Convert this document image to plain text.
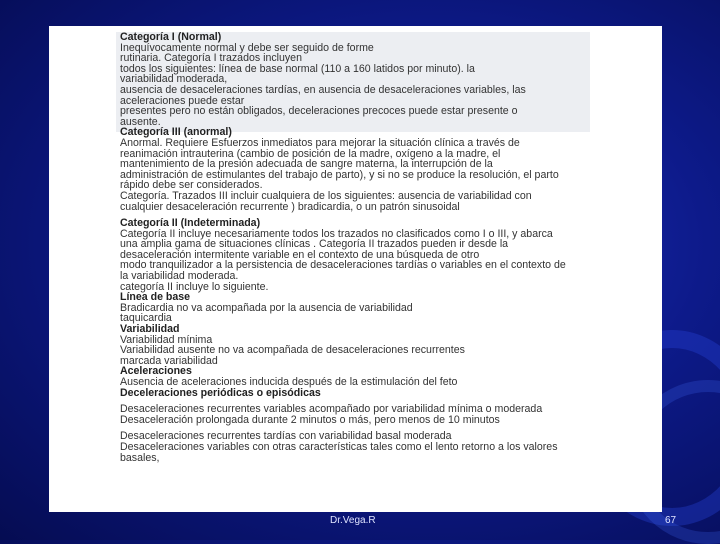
Categoría I (Normal)
Inequívocamente normal y debe ser seguido de forme
rutinaria. Categoría I trazados incluyen
todos los siguientes: línea de base normal (110 a 160 latidos por minuto). la
variabilidad moderada,
ausencia de desaceleraciones tardías, en ausencia de desaceleraciones variables, las
aceleraciones puede estar
presentes pero no están obligados, deceleraciones precoces puede estar presente o
ausente.
Categoría III (anormal)
Anormal. Requiere Esfuerzos inmediatos para mejorar la situación clínica a través de
reanimación intrauterina (cambio de posición de la madre, oxígeno a la madre, el
mantenimiento de la presión adecuada de sangre materna, la interrupción de la
administración de estimulantes del trabajo de parto), y si no se produce la resolución, el parto
rápido debe ser considerados.
Categoría. Trazados III incluir cualquiera de los siguientes: ausencia de variabilidad con
cualquier desaceleración recurrente ) bradicardia, o un patrón sinusoidal
Categoría II (Indeterminada)
Categoría II incluye necesariamente todos los trazados no clasificados como I o III, y abarca
una amplia gama de situaciones clínicas . Categoría II trazados pueden ir desde la
desaceleración intermitente variable en el contexto de una búsqueda de otro
modo tranquilizador a la persistencia de desaceleraciones tardías o variables en el contexto de
la variabilidad moderada.
categoría II incluye lo siguiente.
Línea de base
Bradicardia no va acompañada por la ausencia de variabilidad
taquicardia
Variabilidad
Variabilidad mínima
Variabilidad ausente no va acompañada de desaceleraciones recurrentes
marcada variabilidad
Aceleraciones
Ausencia de aceleraciones inducida después de la estimulación del feto
Deceleraciones periódicas o episódicas
Desaceleraciones recurrentes variables acompañado por variabilidad mínima o moderada
Desaceleración prolongada durante 2 minutos o más, pero menos de 10 minutos
Desaceleraciones recurrentes tardías con variabilidad basal moderada
Desaceleraciones variables con otras características tales como el lento retorno a los valores
basales,
Dr.Vega.R	67
